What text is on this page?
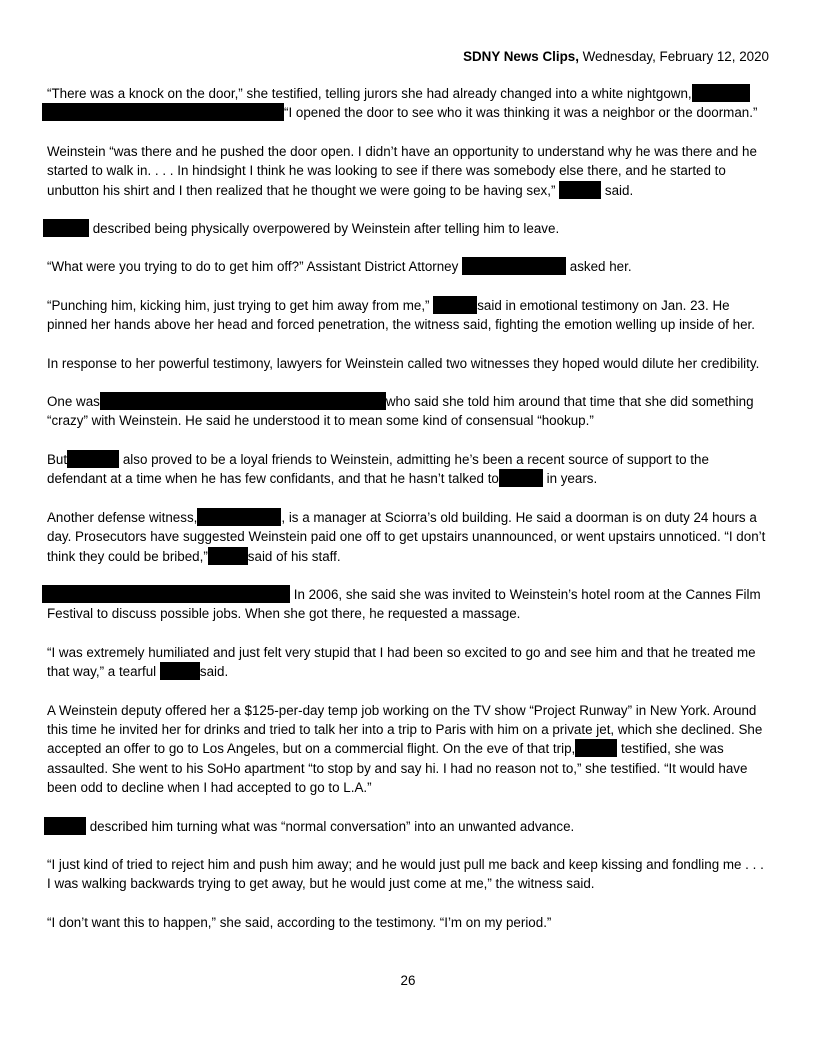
SDNY News Clips, Wednesday, February 12, 2020

“There was a knock on the door,” she testified, telling jurors she had already changed into a white nightgown,
“I opened the door to see who it was thinking it was a neighbor or the doorman.”

Weinstein “was there and he pushed the door open. I didn’t have an opportunity to understand why he was there and he started to walk in. . . . In hindsight I think he was looking to see if there was somebody else there, and he started to unbutton his shirt and I then realized that he thought we were going to be having sex,”	said.

described being physically overpowered by Weinstein after telling him to leave.

“What were you trying to do to get him off?” Assistant District Attorney	asked her.

“Punching him, kicking him, just trying to get him away from me,”	said in emotional testimony on Jan. 23. He pinned her hands above her head and forced penetration, the witness said, fighting the emotion welling up inside of her.

In response to her powerful testimony, lawyers for Weinstein called two witnesses they hoped would dilute her credibility.

One was	who said she told him around that time that she did something “crazy” with Weinstein. He said he understood it to mean some kind of consensual “hookup.”

But	also proved to be a loyal friends to Weinstein, admitting he’s been a recent source of support to the defendant at a time when he has few confidants, and that he hasn’t talked to	in years.

Another defense witness,	, is a manager at Sciorra’s old building. He said a doorman is on duty 24 hours a day. Prosecutors have suggested Weinstein paid one off to get upstairs unannounced, or went upstairs unnoticed. “I don’t think they could be bribed,”	said of his staff.

In 2006, she said she was invited to Weinstein’s hotel room at the Cannes Film Festival to discuss possible jobs. When she got there, he requested a massage.

“I was extremely humiliated and just felt very stupid that I had been so excited to go and see him and that he treated me that way,” a tearful	said.

A Weinstein deputy offered her a $125-per-day temp job working on the TV show “Project Runway” in New York. Around this time he invited her for drinks and tried to talk her into a trip to Paris with him on a private jet, which she declined. She accepted an offer to go to Los Angeles, but on a commercial flight. On the eve of that trip,	testified, she was assaulted. She went to his SoHo apartment “to stop by and say hi. I had no reason not to,” she testified. “It would have been odd to decline when I had accepted to go to L.A.”

described him turning what was “normal conversation” into an unwanted advance.

“I just kind of tried to reject him and push him away; and he would just pull me back and keep kissing and fondling me . . . I was walking backwards trying to get away, but he would just come at me,” the witness said.

“I don’t want this to happen,” she said, according to the testimony. “I’m on my period.”

26
